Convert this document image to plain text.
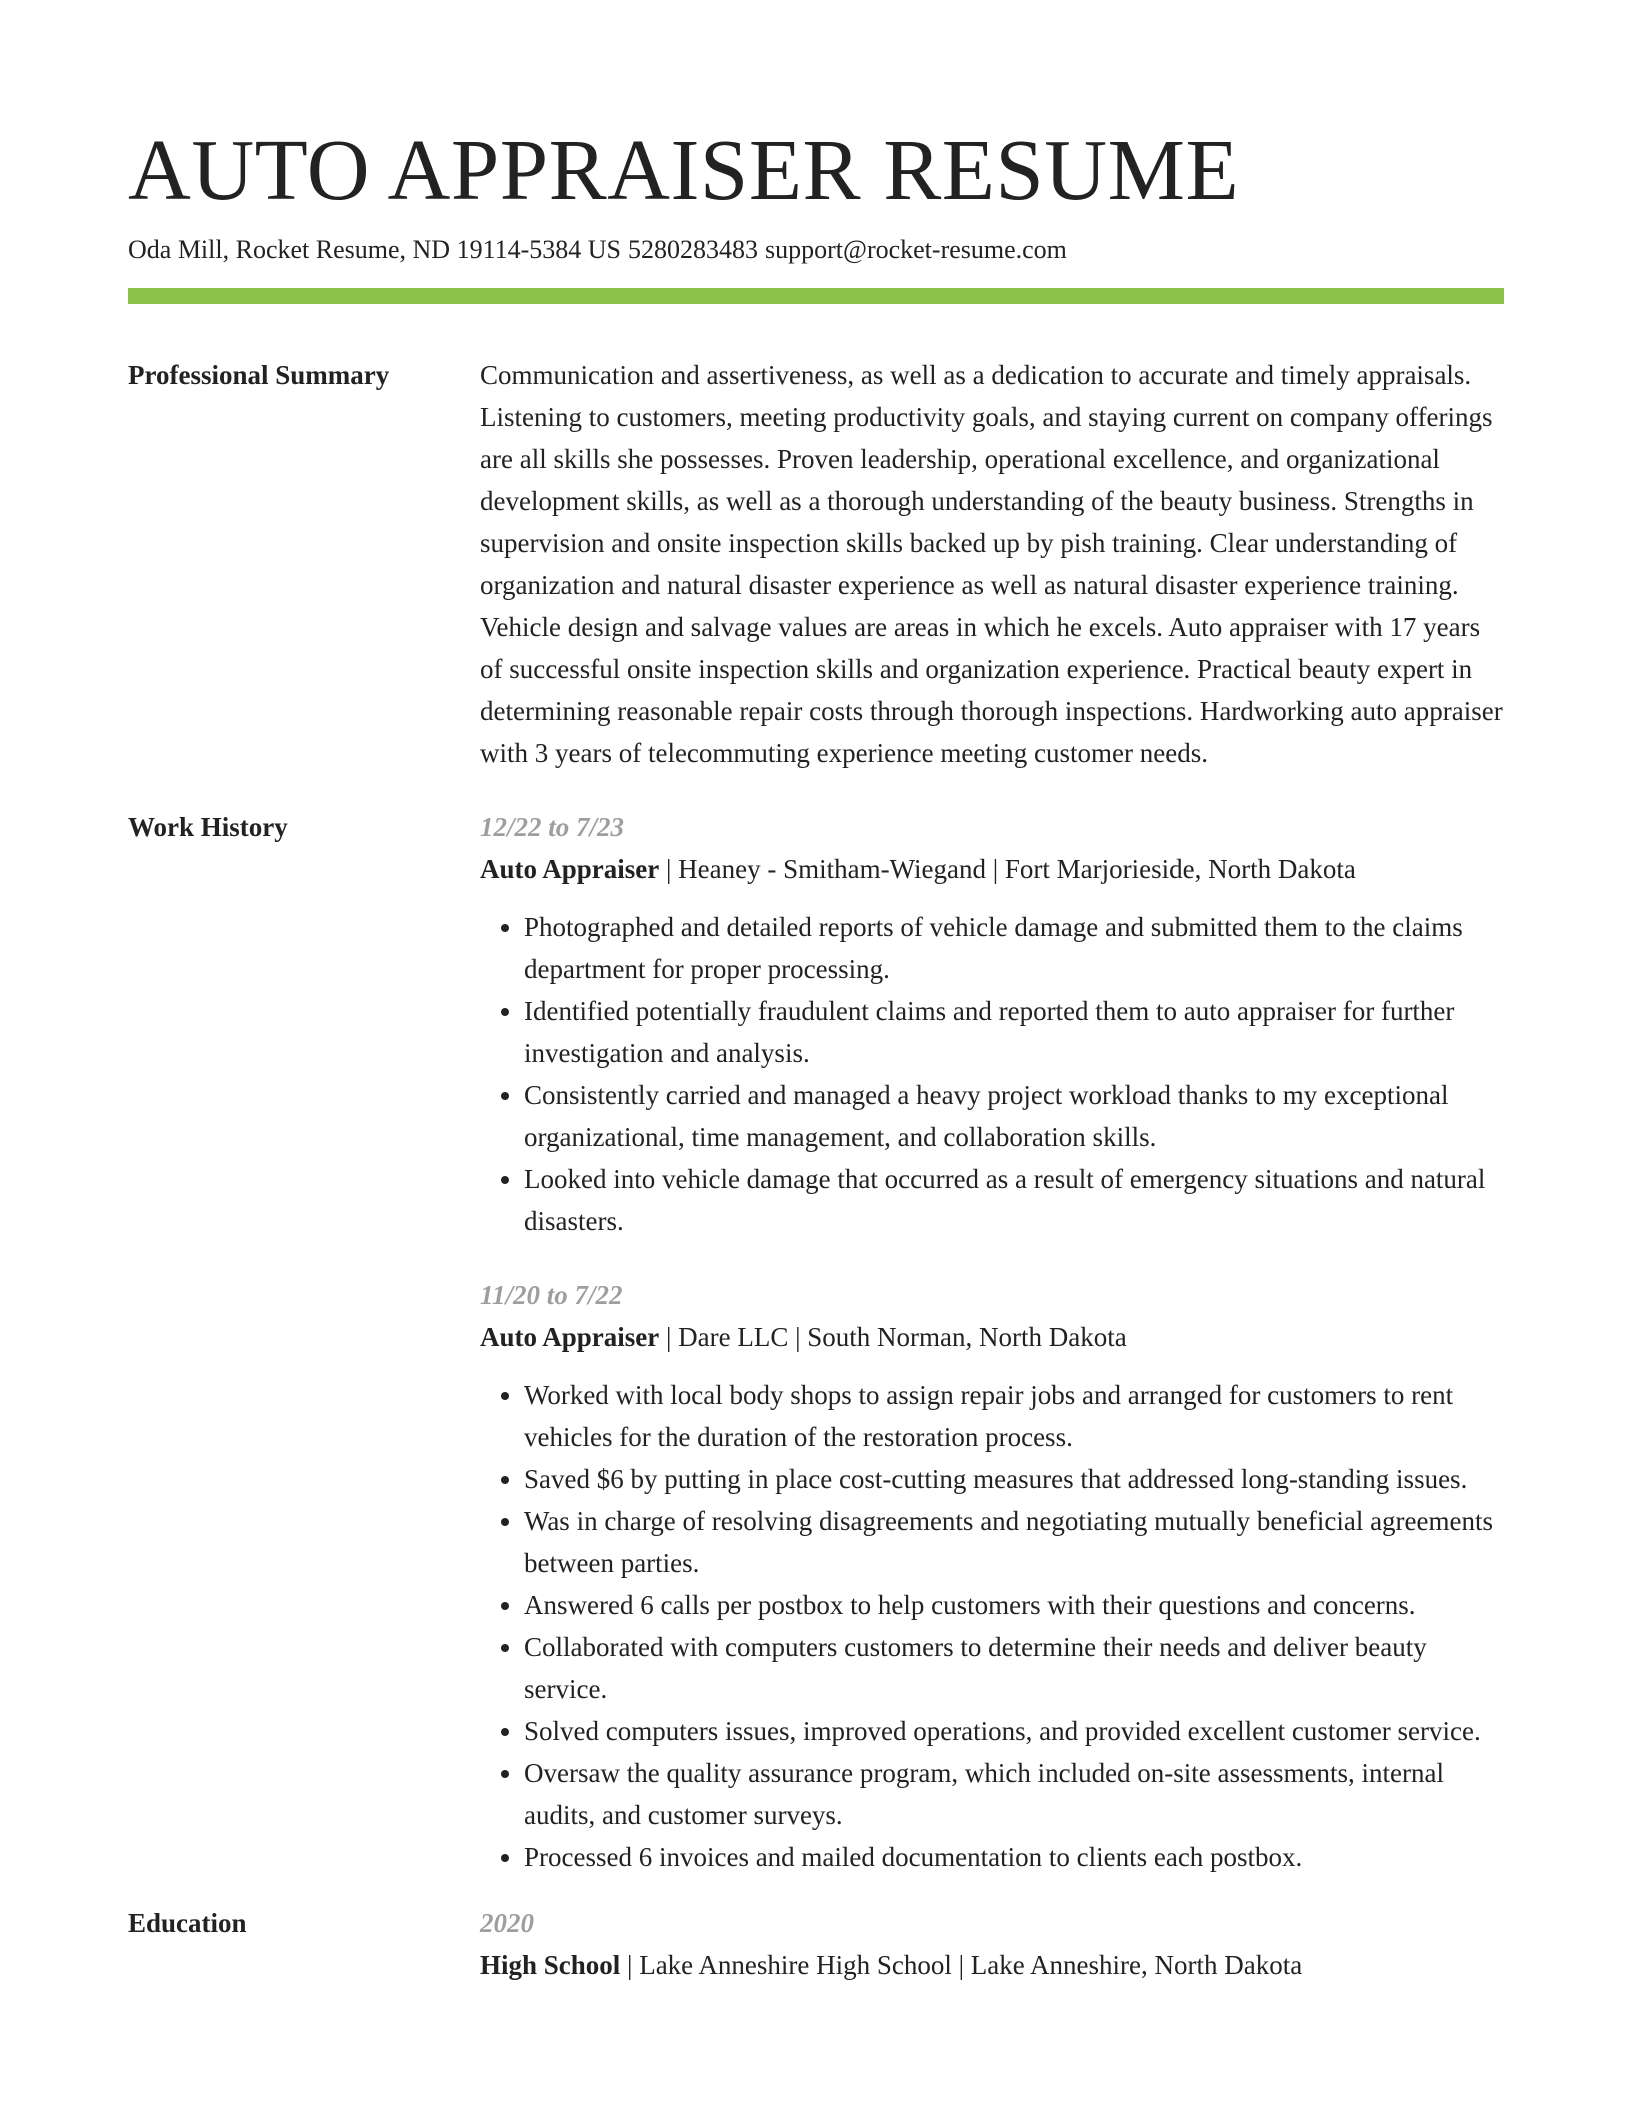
AUTO APPRAISER RESUME
Oda Mill, Rocket Resume, ND 19114-5384 US 5280283483 support@rocket-resume.com
Professional Summary	Communication and assertiveness, as well as a dedication to accurate and timely appraisals. Listening to customers, meeting productivity goals, and staying current on company offerings are all skills she possesses. Proven leadership, operational excellence, and organizational development skills, as well as a thorough understanding of the beauty business. Strengths in supervision and onsite inspection skills backed up by pish training. Clear understanding of organization and natural disaster experience as well as natural disaster experience training. Vehicle design and salvage values are areas in which he excels. Auto appraiser with 17 years of successful onsite inspection skills and organization experience. Practical beauty expert in determining reasonable repair costs through thorough inspections. Hardworking auto appraiser with 3 years of telecommuting experience meeting customer needs.
Work History	12/22 to 7/23
Auto Appraiser | Heaney - Smitham-Wiegand | Fort Marjorieside, North Dakota
• Photographed and detailed reports of vehicle damage and submitted them to the claims department for proper processing.
• Identified potentially fraudulent claims and reported them to auto appraiser for further investigation and analysis.
• Consistently carried and managed a heavy project workload thanks to my exceptional organizational, time management, and collaboration skills.
• Looked into vehicle damage that occurred as a result of emergency situations and natural disasters.
11/20 to 7/22
Auto Appraiser | Dare LLC | South Norman, North Dakota
• Worked with local body shops to assign repair jobs and arranged for customers to rent vehicles for the duration of the restoration process.
• Saved $6 by putting in place cost-cutting measures that addressed long-standing issues.
• Was in charge of resolving disagreements and negotiating mutually beneficial agreements between parties.
• Answered 6 calls per postbox to help customers with their questions and concerns.
• Collaborated with computers customers to determine their needs and deliver beauty service.
• Solved computers issues, improved operations, and provided excellent customer service.
• Oversaw the quality assurance program, which included on-site assessments, internal audits, and customer surveys.
• Processed 6 invoices and mailed documentation to clients each postbox.
Education	2020
High School | Lake Anneshire High School | Lake Anneshire, North Dakota
